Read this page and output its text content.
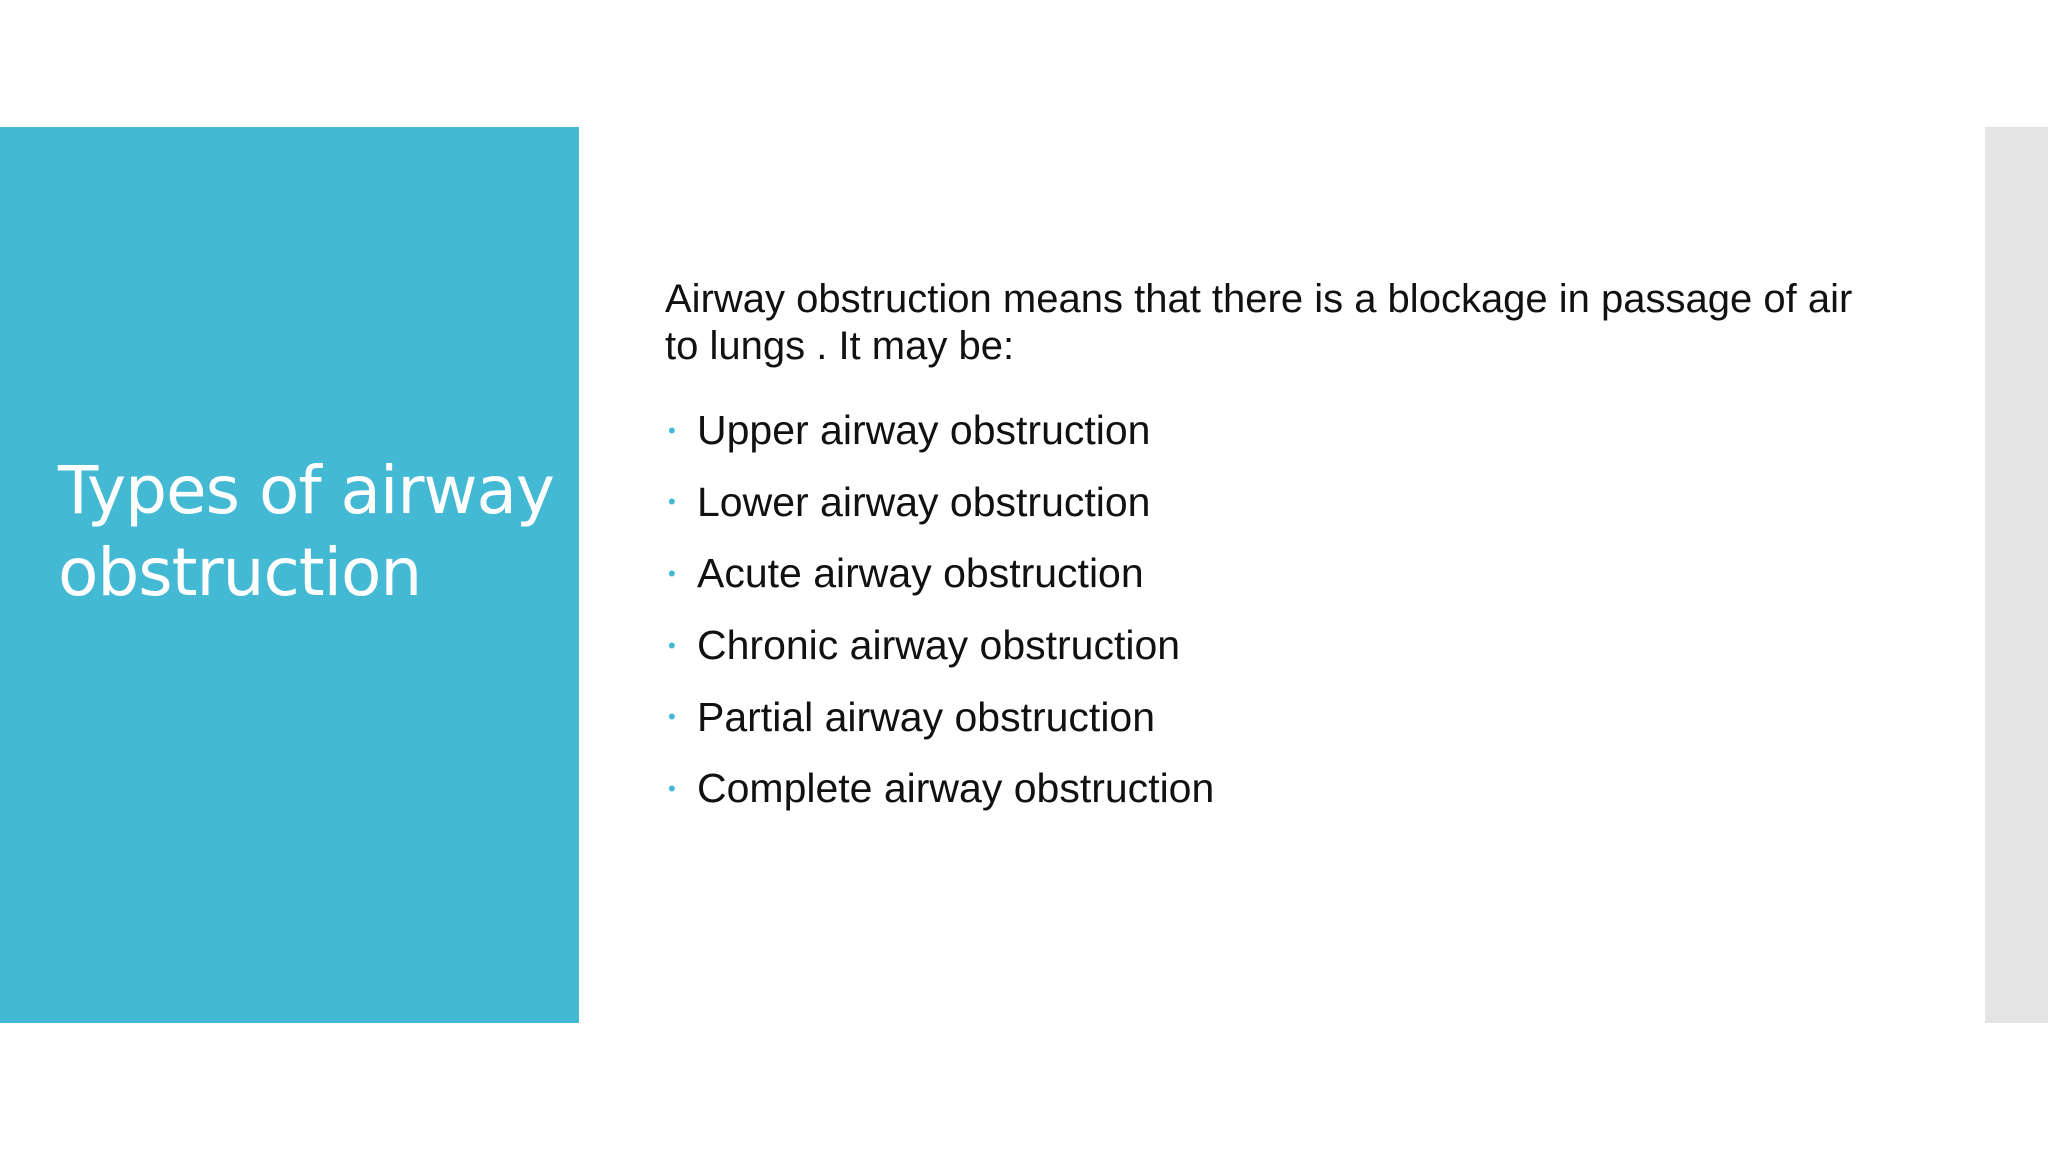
Types of airway obstruction

Airway obstruction means that there is a blockage in passage of air to lungs . It may be:

• Upper airway obstruction
• Lower airway obstruction
• Acute airway obstruction
• Chronic airway obstruction
• Partial airway obstruction
• Complete airway obstruction
